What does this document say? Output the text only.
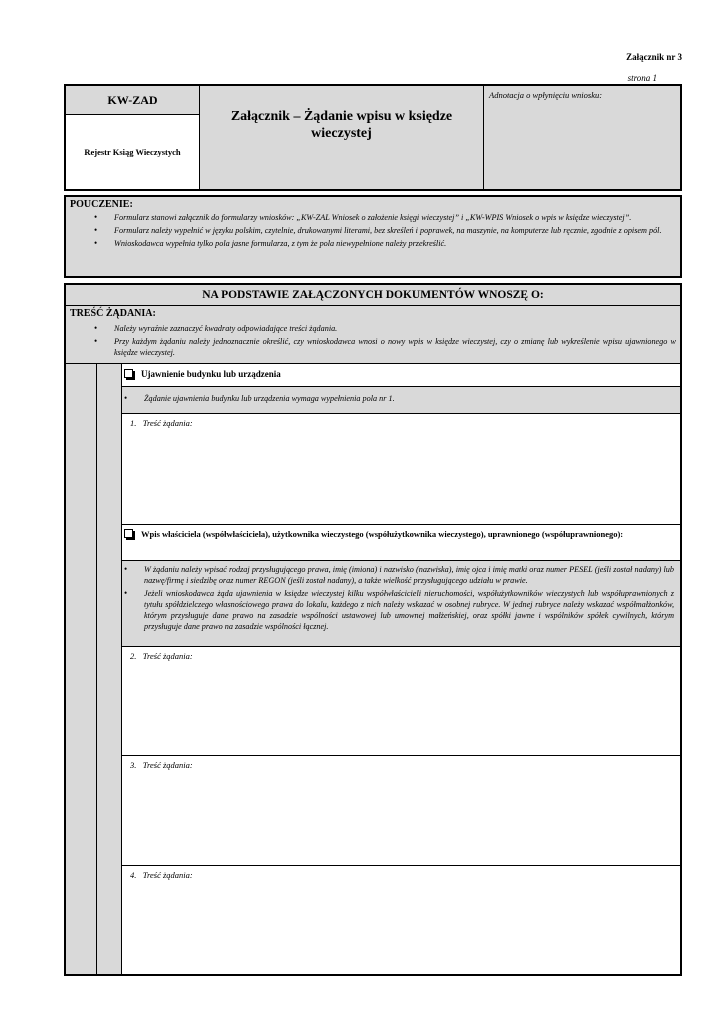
Załącznik nr 3
strona 1
KW-ZAD
Rejestr Ksiąg Wieczystych
Załącznik – Żądanie wpisu w księdze wieczystej
Adnotacja o wpłynięciu wniosku:
POUCZENIE:
• Formularz stanowi załącznik do formularzy wniosków: „KW-ZAL Wniosek o założenie księgi wieczystej” i „KW-WPIS Wniosek o wpis w księdze wieczystej”.
• Formularz należy wypełnić w języku polskim, czytelnie, drukowanymi literami, bez skreśleń i poprawek, na maszynie, na komputerze lub ręcznie, zgodnie z opisem pól.
• Wnioskodawca wypełnia tylko pola jasne formularza, z tym że pola niewypełnione należy przekreślić.
NA PODSTAWIE ZAŁĄCZONYCH DOKUMENTÓW WNOSZĘ O:
TREŚĆ ŻĄDANIA:
• Należy wyraźnie zaznaczyć kwadraty odpowiadające treści żądania.
• Przy każdym żądaniu należy jednoznacznie określić, czy wnioskodawca wnosi o nowy wpis w księdze wieczystej, czy o zmianę lub wykreślenie wpisu ujawnionego w księdze wieczystej.
Ujawnienie budynku lub urządzenia
• Żądanie ujawnienia budynku lub urządzenia wymaga wypełnienia pola nr 1.
1. Treść żądania:
Wpis właściciela (współwłaściciela), użytkownika wieczystego (współużytkownika wieczystego), uprawnionego (współuprawnionego):
• W żądaniu należy wpisać rodzaj przysługującego prawa, imię (imiona) i nazwisko (nazwiska), imię ojca i imię matki oraz numer PESEL (jeśli został nadany) lub nazwę/firmę i siedzibę oraz numer REGON (jeśli został nadany), a także wielkość przysługującego udziału w prawie.
• Jeżeli wnioskodawca żąda ujawnienia w księdze wieczystej kilku współwłaścicieli nieruchomości, współużytkowników wieczystych lub współuprawnionych z tytułu spółdzielczego własnościowego prawa do lokalu, każdego z nich należy wskazać w osobnej rubryce. W jednej rubryce należy wskazać współmałżonków, którym przysługuje dane prawo na zasadzie wspólności ustawowej lub umownej małżeńskiej, oraz spółki jawne i wspólników spółek cywilnych, którym przysługuje dane prawo na zasadzie wspólności łącznej.
2. Treść żądania:
3. Treść żądania:
4. Treść żądania:
